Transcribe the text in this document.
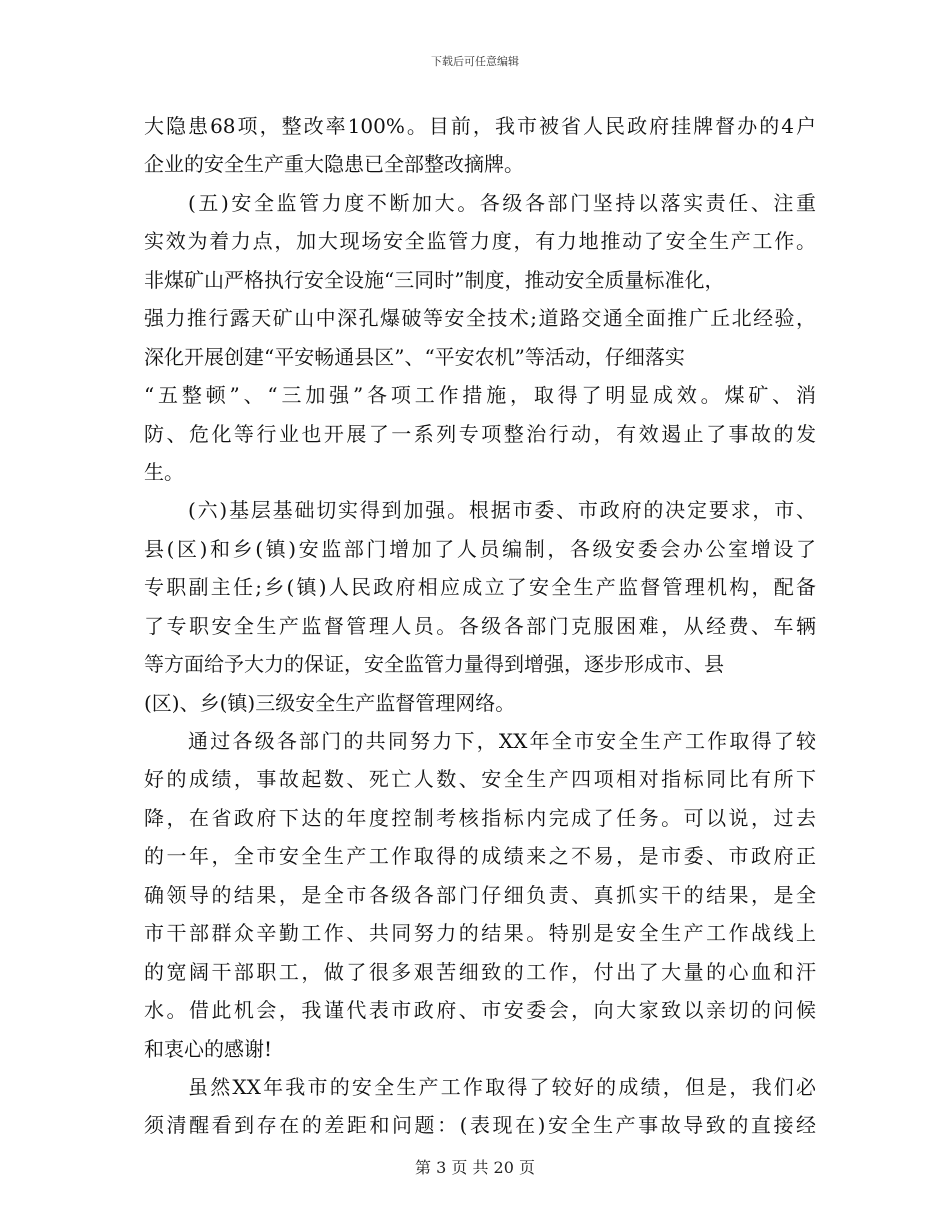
下载后可任意编辑
大隐患68项，整改率100%。目前，我市被省人民政府挂牌督办的4户
企业的安全生产重大隐患已全部整改摘牌。
(五)安全监管力度不断加大。各级各部门坚持以落实责任、注重
实效为着力点，加大现场安全监管力度，有力地推动了安全生产工作。
非煤矿山严格执行安全设施“三同时”制度，推动安全质量标准化，
强力推行露天矿山中深孔爆破等安全技术;道路交通全面推广丘北经验，
深化开展创建“平安畅通县区”、“平安农机”等活动，仔细落实
“五整顿”、“三加强”各项工作措施，取得了明显成效。煤矿、消
防、危化等行业也开展了一系列专项整治行动，有效遏止了事故的发
生。
(六)基层基础切实得到加强。根据市委、市政府的决定要求，市、
县(区)和乡(镇)安监部门增加了人员编制，各级安委会办公室增设了
专职副主任;乡(镇)人民政府相应成立了安全生产监督管理机构，配备
了专职安全生产监督管理人员。各级各部门克服困难，从经费、车辆
等方面给予大力的保证，安全监管力量得到增强，逐步形成市、县
(区)、乡(镇)三级安全生产监督管理网络。
通过各级各部门的共同努力下，XX年全市安全生产工作取得了较
好的成绩，事故起数、死亡人数、安全生产四项相对指标同比有所下
降，在省政府下达的年度控制考核指标内完成了任务。可以说，过去
的一年，全市安全生产工作取得的成绩来之不易，是市委、市政府正
确领导的结果，是全市各级各部门仔细负责、真抓实干的结果，是全
市干部群众辛勤工作、共同努力的结果。特别是安全生产工作战线上
的宽阔干部职工，做了很多艰苦细致的工作，付出了大量的心血和汗
水。借此机会，我谨代表市政府、市安委会，向大家致以亲切的问候
和衷心的感谢!
虽然XX年我市的安全生产工作取得了较好的成绩，但是，我们必
须清醒看到存在的差距和问题：(表现在)安全生产事故导致的直接经
第 3 页 共 20 页
